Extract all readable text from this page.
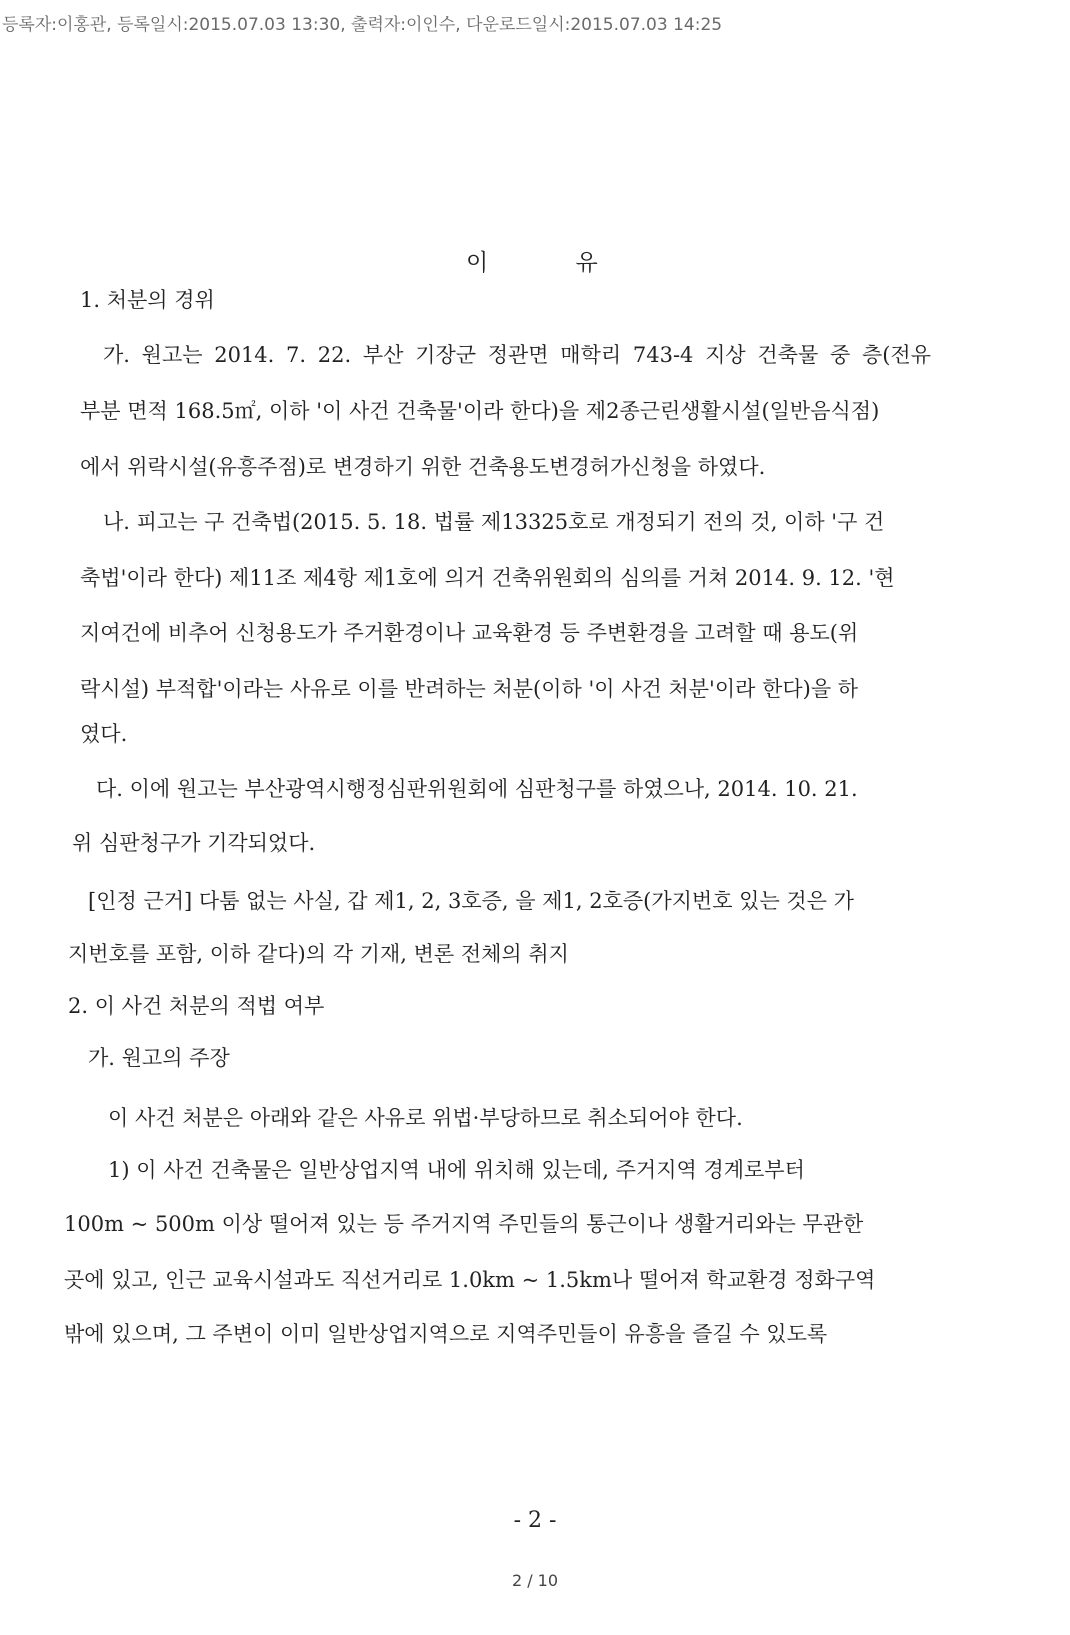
등록자:이홍관, 등록일시:2015.07.03 13:30, 출력자:이인수, 다운로드일시:2015.07.03 14:25
이 유
1. 처분의 경위
가. 원고는 2014. 7. 22. 부산 기장군 정관면 매학리 743-4 지상 건축물 중 층(전유
부분 면적 168.5㎡, 이하 '이 사건 건축물'이라 한다)을 제2종근린생활시설(일반음식점)
에서 위락시설(유흥주점)로 변경하기 위한 건축용도변경허가신청을 하였다.
나. 피고는 구 건축법(2015. 5. 18. 법률 제13325호로 개정되기 전의 것, 이하 '구 건
축법'이라 한다) 제11조 제4항 제1호에 의거 건축위원회의 심의를 거쳐 2014. 9. 12. '현
지여건에 비추어 신청용도가 주거환경이나 교육환경 등 주변환경을 고려할 때 용도(위
락시설) 부적합'이라는 사유로 이를 반려하는 처분(이하 '이 사건 처분'이라 한다)을 하
였다.
다. 이에 원고는 부산광역시행정심판위원회에 심판청구를 하였으나, 2014. 10. 21.
위 심판청구가 기각되었다.
[인정 근거] 다툼 없는 사실, 갑 제1, 2, 3호증, 을 제1, 2호증(가지번호 있는 것은 가
지번호를 포함, 이하 같다)의 각 기재, 변론 전체의 취지
2. 이 사건 처분의 적법 여부
가. 원고의 주장
이 사건 처분은 아래와 같은 사유로 위법·부당하므로 취소되어야 한다.
1) 이 사건 건축물은 일반상업지역 내에 위치해 있는데, 주거지역 경계로부터
100m ~ 500m 이상 떨어져 있는 등 주거지역 주민들의 통근이나 생활거리와는 무관한
곳에 있고, 인근 교육시설과도 직선거리로 1.0km ~ 1.5km나 떨어져 학교환경 정화구역
밖에 있으며, 그 주변이 이미 일반상업지역으로 지역주민들이 유흥을 즐길 수 있도록
- 2 -
2 / 10
